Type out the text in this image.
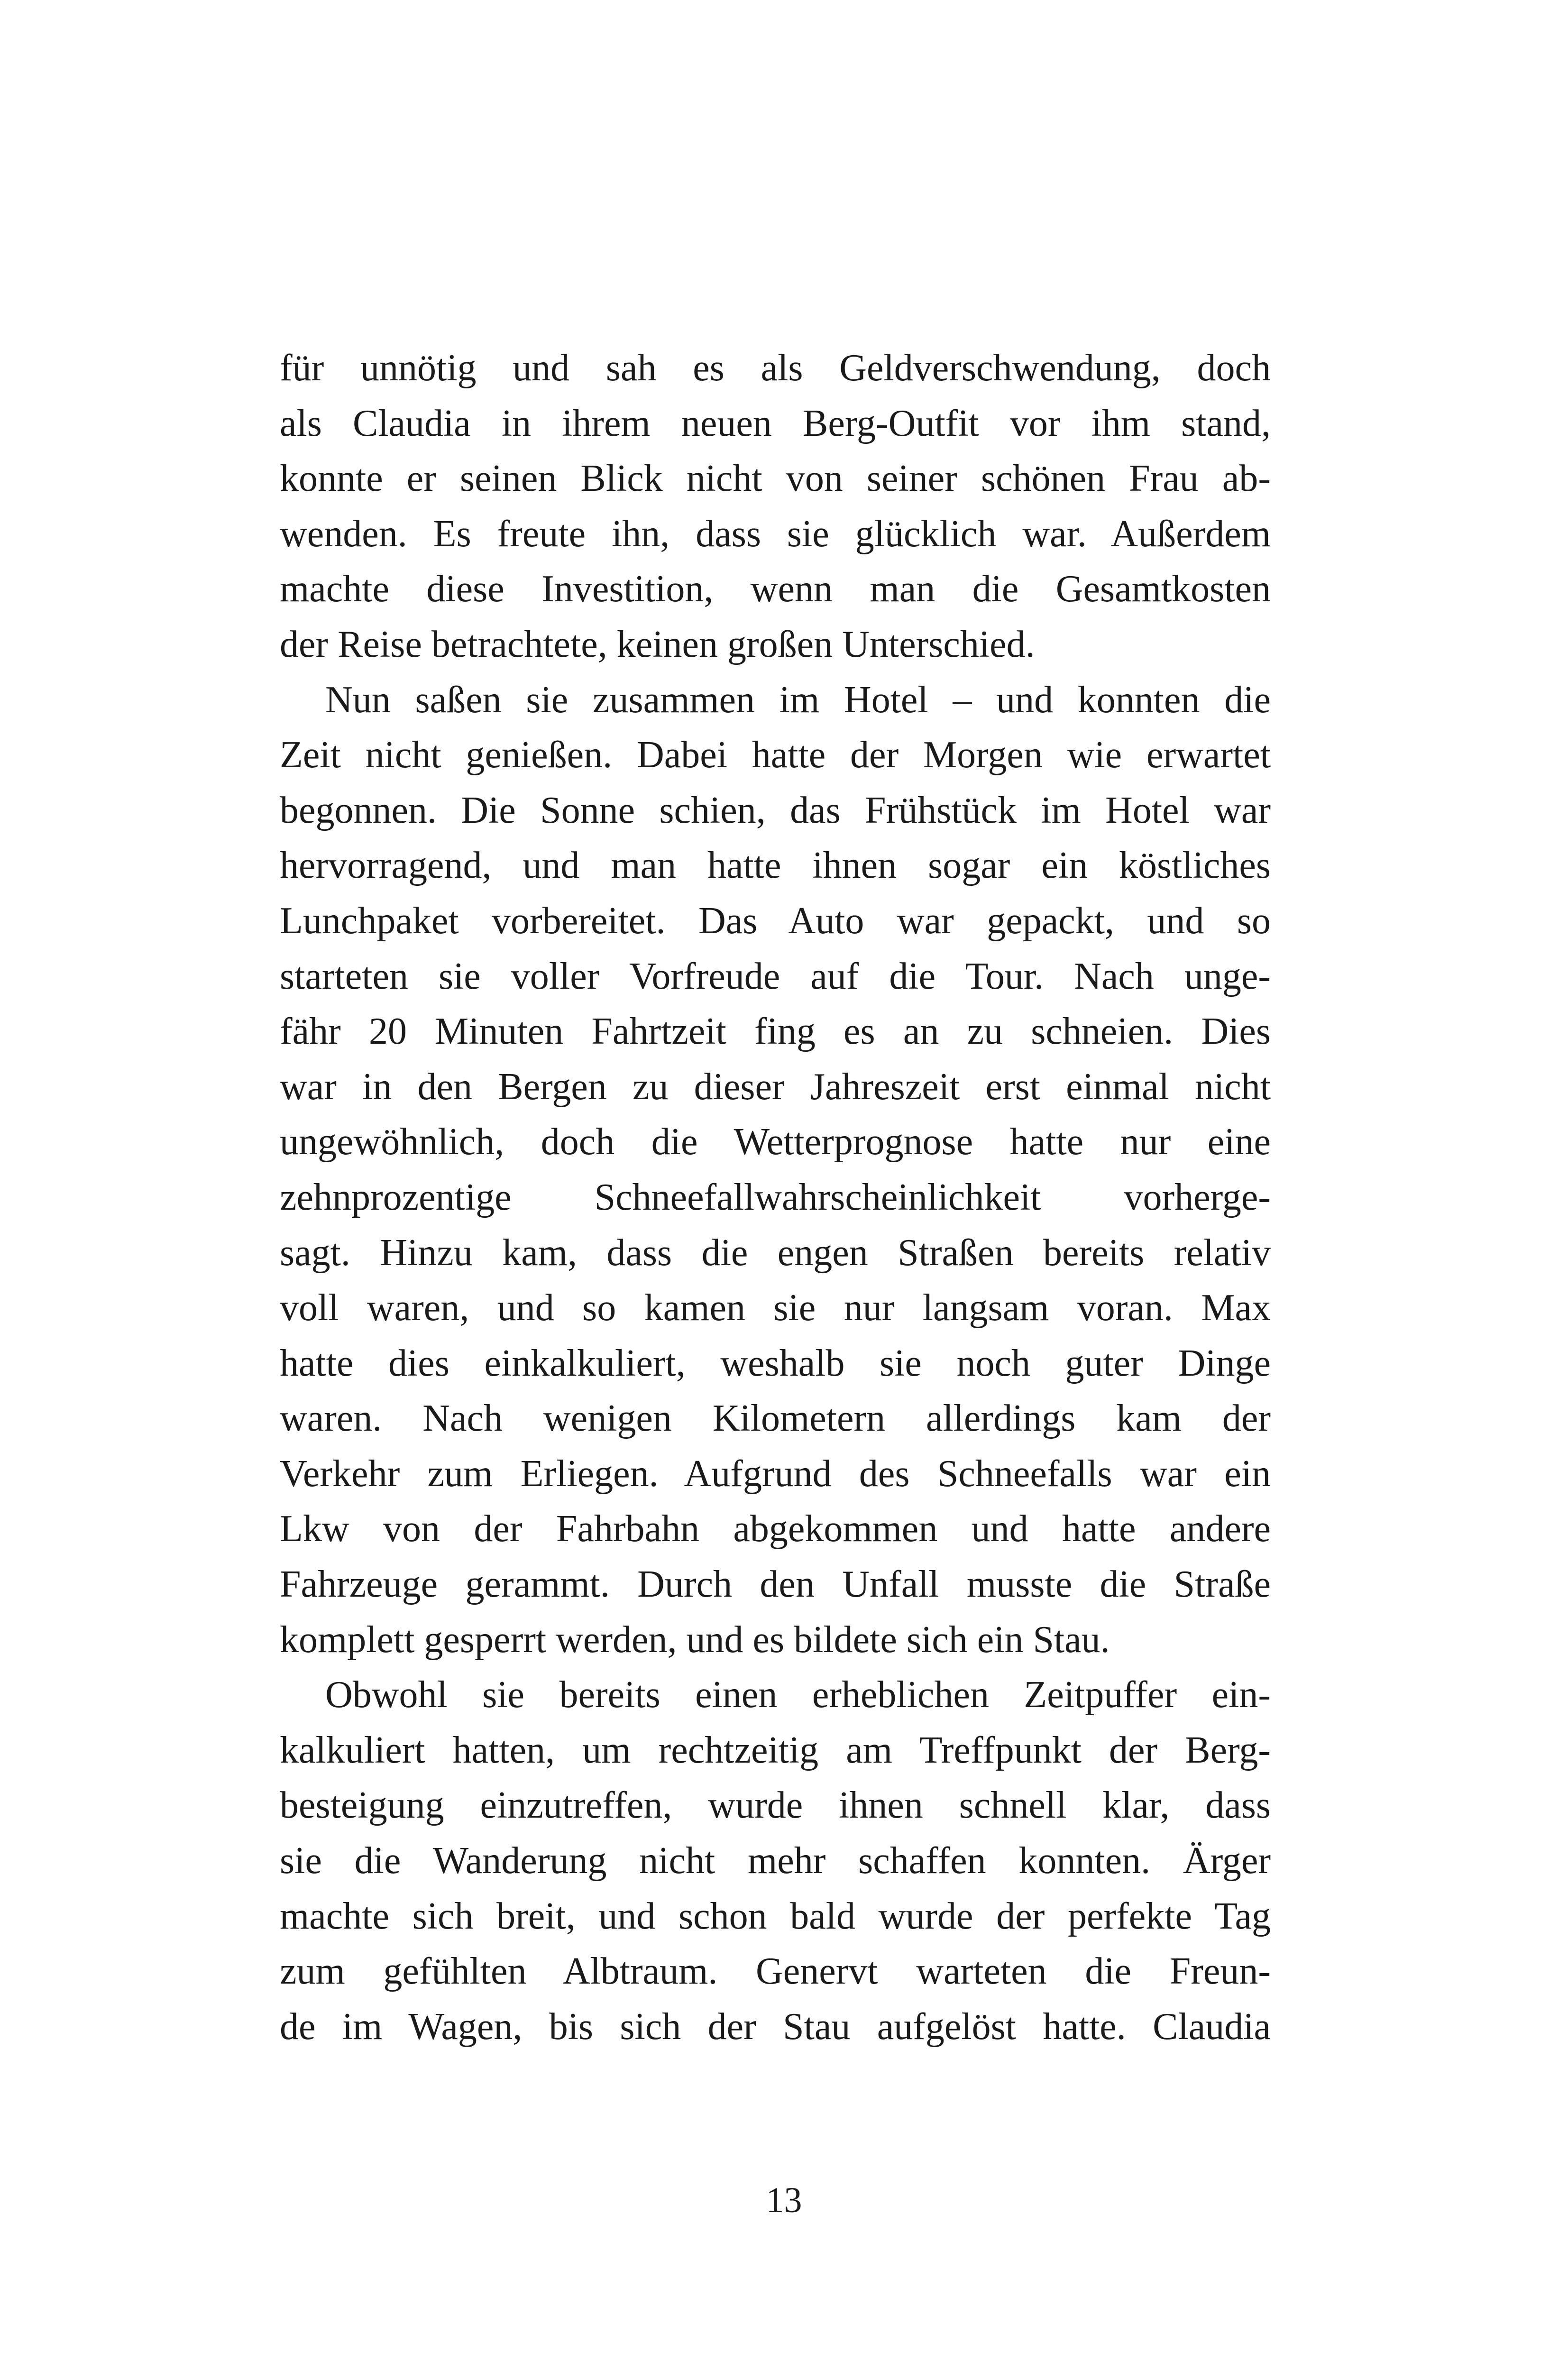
für unnötig und sah es als Geldverschwendung, doch
als Claudia in ihrem neuen Berg-Outfit vor ihm stand,
konnte er seinen Blick nicht von seiner schönen Frau ab-
wenden. Es freute ihn, dass sie glücklich war. Außerdem
machte diese Investition, wenn man die Gesamtkosten
der Reise betrachtete, keinen großen Unterschied.
Nun saßen sie zusammen im Hotel – und konnten die
Zeit nicht genießen. Dabei hatte der Morgen wie erwartet
begonnen. Die Sonne schien, das Frühstück im Hotel war
hervorragend, und man hatte ihnen sogar ein köstliches
Lunchpaket vorbereitet. Das Auto war gepackt, und so
starteten sie voller Vorfreude auf die Tour. Nach unge-
fähr 20 Minuten Fahrtzeit fing es an zu schneien. Dies
war in den Bergen zu dieser Jahreszeit erst einmal nicht
ungewöhnlich, doch die Wetterprognose hatte nur eine
zehnprozentige Schneefallwahrscheinlichkeit vorherge-
sagt. Hinzu kam, dass die engen Straßen bereits relativ
voll waren, und so kamen sie nur langsam voran. Max
hatte dies einkalkuliert, weshalb sie noch guter Dinge
waren. Nach wenigen Kilometern allerdings kam der
Verkehr zum Erliegen. Aufgrund des Schneefalls war ein
Lkw von der Fahrbahn abgekommen und hatte andere
Fahrzeuge gerammt. Durch den Unfall musste die Straße
komplett gesperrt werden, und es bildete sich ein Stau.
Obwohl sie bereits einen erheblichen Zeitpuffer ein-
kalkuliert hatten, um rechtzeitig am Treffpunkt der Berg-
besteigung einzutreffen, wurde ihnen schnell klar, dass
sie die Wanderung nicht mehr schaffen konnten. Ärger
machte sich breit, und schon bald wurde der perfekte Tag
zum gefühlten Albtraum. Genervt warteten die Freun-
de im Wagen, bis sich der Stau aufgelöst hatte. Claudia
13
